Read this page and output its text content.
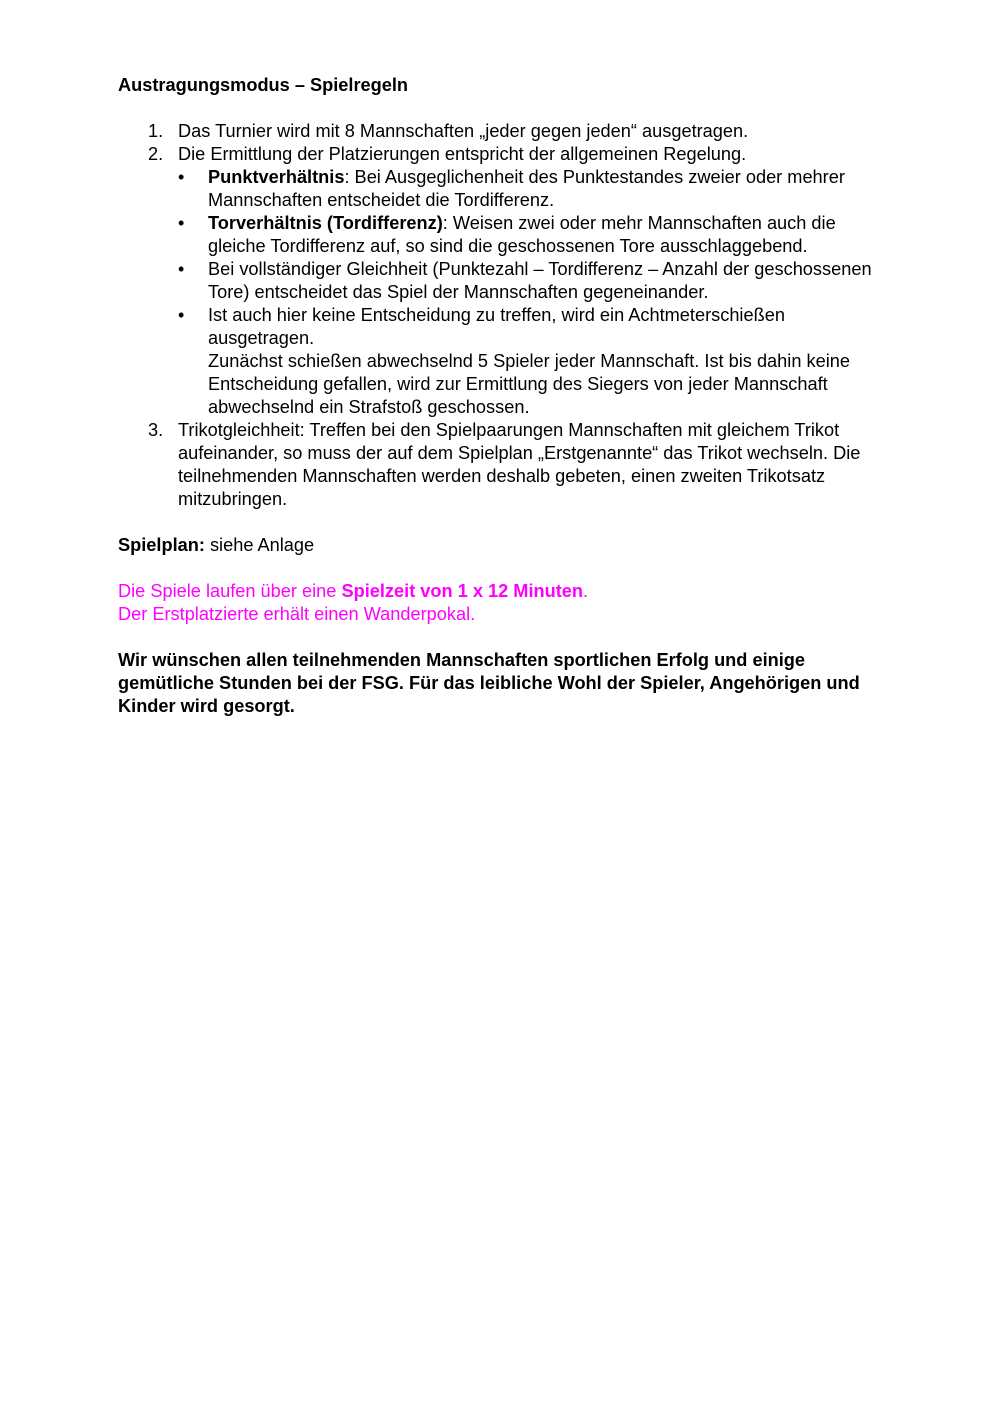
Austragungsmodus – Spielregeln

1. Das Turnier wird mit 8 Mannschaften „jeder gegen jeden“ ausgetragen.
2. Die Ermittlung der Platzierungen entspricht der allgemeinen Regelung.
• Punktverhältnis: Bei Ausgeglichenheit des Punktestandes zweier oder mehrer Mannschaften entscheidet die Tordifferenz.
• Torverhältnis (Tordifferenz): Weisen zwei oder mehr Mannschaften auch die gleiche Tordifferenz auf, so sind die geschossenen Tore ausschlaggebend.
• Bei vollständiger Gleichheit (Punktezahl – Tordifferenz – Anzahl der geschossenen Tore) entscheidet das Spiel der Mannschaften gegeneinander.
• Ist auch hier keine Entscheidung zu treffen, wird ein Achtmeterschießen ausgetragen.
Zunächst schießen abwechselnd 5 Spieler jeder Mannschaft. Ist bis dahin keine Entscheidung gefallen, wird zur Ermittlung des Siegers von jeder Mannschaft abwechselnd ein Strafstoß geschossen.
3. Trikotgleichheit: Treffen bei den Spielpaarungen Mannschaften mit gleichem Trikot aufeinander, so muss der auf dem Spielplan „Erstgenannte“ das Trikot wechseln. Die teilnehmenden Mannschaften werden deshalb gebeten, einen zweiten Trikotsatz mitzubringen.

Spielplan: siehe Anlage

Die Spiele laufen über eine Spielzeit von 1 x 12 Minuten.

Der Erstplatzierte erhält einen Wanderpokal.

Wir wünschen allen teilnehmenden Mannschaften sportlichen Erfolg und einige gemütliche Stunden bei der FSG. Für das leibliche Wohl der Spieler, Angehörigen und Kinder wird gesorgt.
